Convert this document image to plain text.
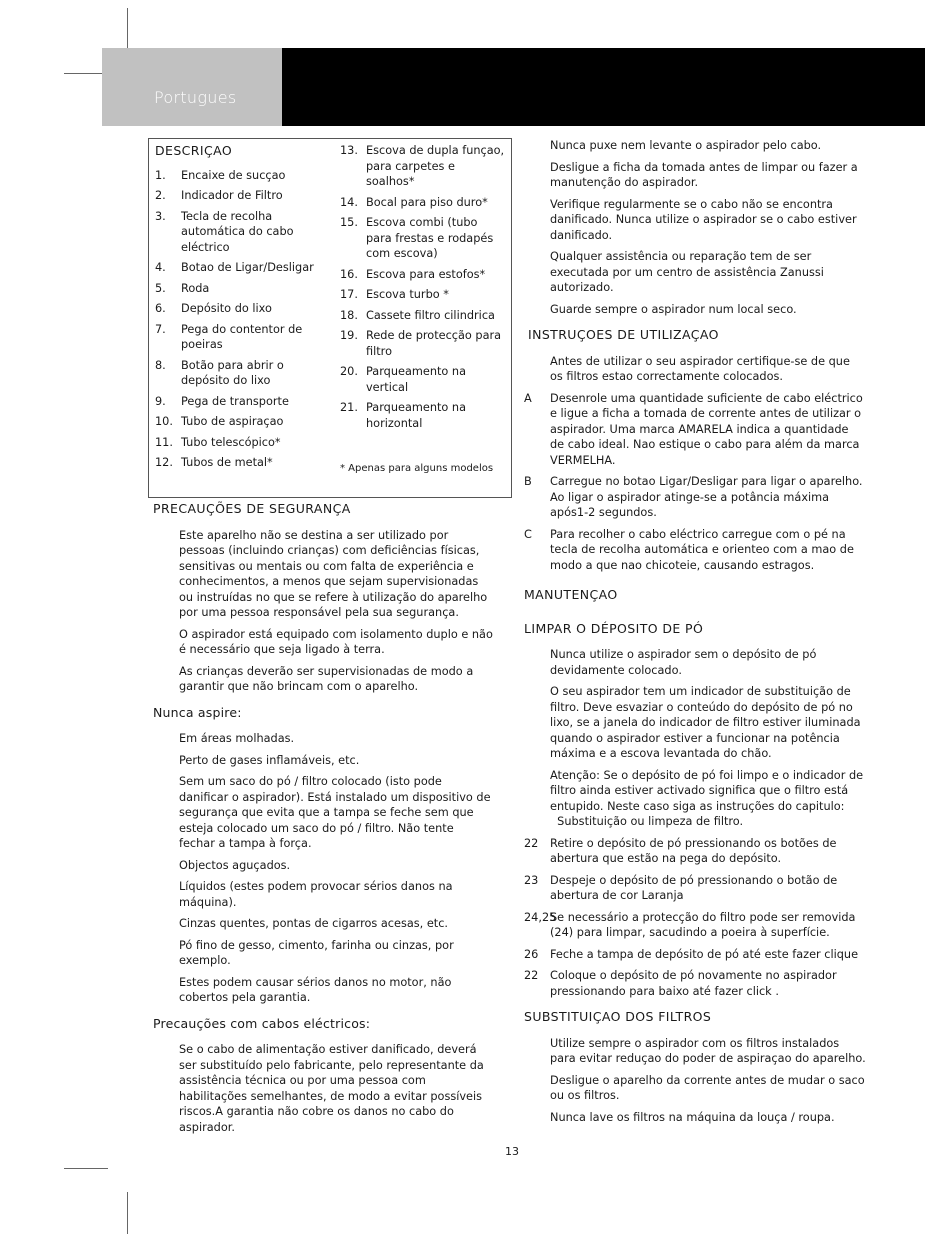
Portugues
DESCRIÇAO
1. Encaixe de sucçao
2. Indicador de Filtro
3. Tecla de recolha automática do cabo eléctrico
4. Botao de Ligar/Desligar
5. Roda
6. Depósito do lixo
7. Pega do contentor de poeiras
8. Botão para abrir o depósito do lixo
9. Pega de transporte
10. Tubo de aspiraçao
11. Tubo telescópico*
12. Tubos de metal*
13. Escova de dupla funçao, para carpetes e soalhos*
14. Bocal para piso duro*
15. Escova combi (tubo para frestas e rodapés com escova)
16. Escova para estofos*
17. Escova turbo *
18. Cassete filtro cilindrica
19. Rede de protecção para filtro
20. Parqueamento na vertical
21. Parqueamento na horizontal
* Apenas para alguns modelos
PRECAUÇÕES DE SEGURANÇA

Este aparelho não se destina a ser utilizado por pessoas (incluindo crianças) com deficiências físicas, sensitivas ou mentais ou com falta de experiência e conhecimentos, a menos que sejam supervisionadas ou instruídas no que se refere à utilização do aparelho por uma pessoa responsável pela sua segurança.

O aspirador está equipado com isolamento duplo e não é necessário que seja ligado à terra.

As crianças deverão ser supervisionadas de modo a garantir que não brincam com o aparelho.

Nunca aspire:

Em áreas molhadas.

Perto de gases inflamáveis, etc.

Sem um saco do pó / filtro colocado (isto pode danificar o aspirador). Está instalado um dispositivo de segurança que evita que a tampa se feche sem que esteja colocado um saco do pó / filtro. Não tente fechar a tampa à força.

Objectos aguçados.

Líquidos (estes podem provocar sérios danos na máquina).

Cinzas quentes, pontas de cigarros acesas, etc.

Pó fino de gesso, cimento, farinha ou cinzas, por exemplo.

Estes podem causar sérios danos no motor, não cobertos pela garantia.

Precauções com cabos eléctricos:

Se o cabo de alimentação estiver danificado, deverá ser substituído pelo fabricante, pelo representante da assistência técnica ou por uma pessoa com habilitações semelhantes, de modo a evitar possíveis riscos.A garantia não cobre os danos no cabo do aspirador.

Nunca puxe nem levante o aspirador pelo cabo.

Desligue a ficha da tomada antes de limpar ou fazer a manutenção do aspirador.

Verifique regularmente se o cabo não se encontra danificado. Nunca utilize o aspirador se o cabo estiver danificado.

Qualquer assistência ou reparação tem de ser executada por um centro de assistência Zanussi autorizado.

Guarde sempre o aspirador num local seco.

INSTRUÇOES DE UTILIZAÇAO

Antes de utilizar o seu aspirador certifique-se de que os filtros estao correctamente colocados.

A Desenrole uma quantidade suficiente de cabo eléctrico e ligue a ficha a tomada de corrente antes de utilizar o aspirador. Uma marca AMARELA indica a quantidade de cabo ideal. Nao estique o cabo para além da marca VERMELHA.
B Carregue no botao Ligar/Desligar para ligar o aparelho. Ao ligar o aspirador atinge-se a potância máxima após1-2 segundos.
C Para recolher o cabo eléctrico carregue com o pé na tecla de recolha automática e orienteo com a mao de modo a que nao chicoteie, causando estragos.
MANUTENÇAO
LIMPAR O DÉPOSITO DE PÓ

Nunca utilize o aspirador sem o depósito de pó devidamente colocado.

O seu aspirador tem um indicador de substituição de filtro. Deve esvaziar o conteúdo do depósito de pó no lixo, se a janela do indicador de filtro estiver iluminada quando o aspirador estiver a funcionar na potência máxima e a escova levantada do chão.

Atenção: Se o depósito de pó foi limpo e o indicador de filtro ainda estiver activado significa que o filtro está entupido. Neste caso siga as instruções do capitulo:   Substituição ou limpeza de filtro.

22 Retire o depósito de pó pressionando os botões de abertura que estão na pega do depósito.
23 Despeje o depósito de pó pressionando o botão de abertura de cor Laranja
24,25
Se necessário a protecção do filtro pode ser removida (24) para limpar, sacudindo a poeira à superfície.
26 Feche a tampa de depósito de pó até este fazer clique
22 Coloque o depósito de pó novamente no aspirador pressionando para baixo até fazer click .
SUBSTITUIÇAO DOS FILTROS

Utilize sempre o aspirador com os filtros instalados para evitar reduçao do poder de aspiraçao do aparelho.

Desligue o aparelho da corrente antes de mudar o saco ou os filtros.

Nunca lave os filtros na máquina da louça / roupa.

13
